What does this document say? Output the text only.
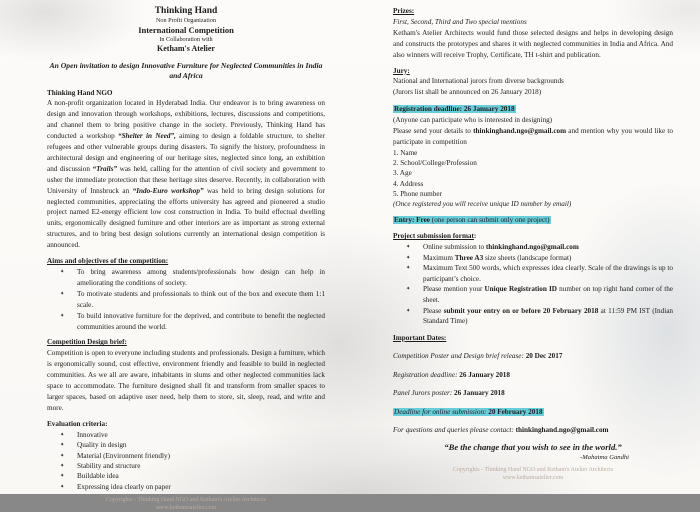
Thinking Hand

Non Profit Organization

International Competition

In Collaboration with

Ketham's Atelier

An Open invitation to design Innovative Furniture for Neglected Communities in India and Africa

Thinking Hand NGO

A non-profit organization located in Hyderabad India. Our endeavor is to bring awareness on design and innovation through workshops, exhibitions, lectures, discussions and competitions, and channel them to bring positive change in the society. Previously, Thinking Hand has conducted a workshop “Shelter in Need”, aiming to design a foldable structure, to shelter refugees and other vulnerable groups during disasters. To signify the history, profoundness in architectural design and engineering of our heritage sites, neglected since long, an exhibition and discussion “Trails” was held, calling for the attention of civil society and government to usher the immediate protection that these heritage sites deserve. Recently, in collaboration with University of Innsbruck an “Indo-Euro workshop” was held to bring design solutions for neglected communities, appreciating the efforts university has agreed and pioneered a studio project named E2-energy efficient low cost construction in India. To build effectual dwelling units, ergonomically designed furniture and other interiors are as important as strong external structures, and to bring best design solutions currently an international design competition is announced.

Aims and objectives of the competition:

✦ To bring awareness among students/professionals how design can help in ameliorating the conditions of society.
✦ To motivate students and professionals to think out of the box and execute them 1:1 scale.
✦ To build innovative furniture for the deprived, and contribute to benefit the neglected communities around the world.

Competition Design brief:

Competition is open to everyone including students and professionals. Design a furniture, which is ergonomically sound, cost effective, environment friendly and feasible to build in neglected communities. As we all are aware, inhabitants in slums and other neglected communities lack space to accommodate. The furniture designed shall fit and transform from smaller spaces to larger spaces, based on adaptive user need, help them to store, sit, sleep, read, and write and more.

Evaluation criteria:

✦ Innovative
✦ Quality in design
✦ Material (Environment friendly)
✦ Stability and structure
✦ Buildable idea
✦ Expressing idea clearly on paper

Copyrights - Thinking Hand NGO and Ketham's Atelier Architects

www.kethamsatelier.com

Prizes:

First, Second, Third and Two special mentions

Ketham's Atelier Architects would fund those selected designs and helps in developing design and constructs the prototypes and shares it with neglected communities in India and Africa. And also winners will receive Trophy, Certificate, TH t-shirt and publication.

Jury:

National and International jurors from diverse backgrounds

(Jurors list shall be announced on 26 January 2018)

Registration deadline: 26 January 2018

(Anyone can participate who is interested in designing)

Please send your details to thinkinghand.ngo@gmail.com and mention why you would like to participate in competition

1. Name

2. School/College/Profession

3. Age

4. Address

5. Phone number

(Once registered you will receive unique ID number by email)

Entry: Free (one person can submit only one project)

Project submission format:

✦ Online submission to thinkinghand.ngo@gmail.com
✦ Maximum Three A3 size sheets (landscape format)
✦ Maximum Text 500 words, which expresses idea clearly. Scale of the drawings is up to participant’s choice.
✦ Please mention your Unique Registration ID number on top right hand corner of the sheet.
✦ Please submit your entry on or before 20 February 2018 at 11:59 PM IST (Indian Standard Time)

Important Dates:

Competition Poster and Design brief release: 20 Dec 2017

Registration deadline: 26 January 2018

Panel Jurors poster: 26 January 2018

Deadline for online submission: 20 February 2018

For questions and queries please contact: thinkinghand.ngo@gmail.com

“Be the change that you wish to see in the world.”

-Mahatma Gandhi

Copyrights - Thinking Hand NGO and Ketham's Atelier Architects

www.kethamsatelier.com
